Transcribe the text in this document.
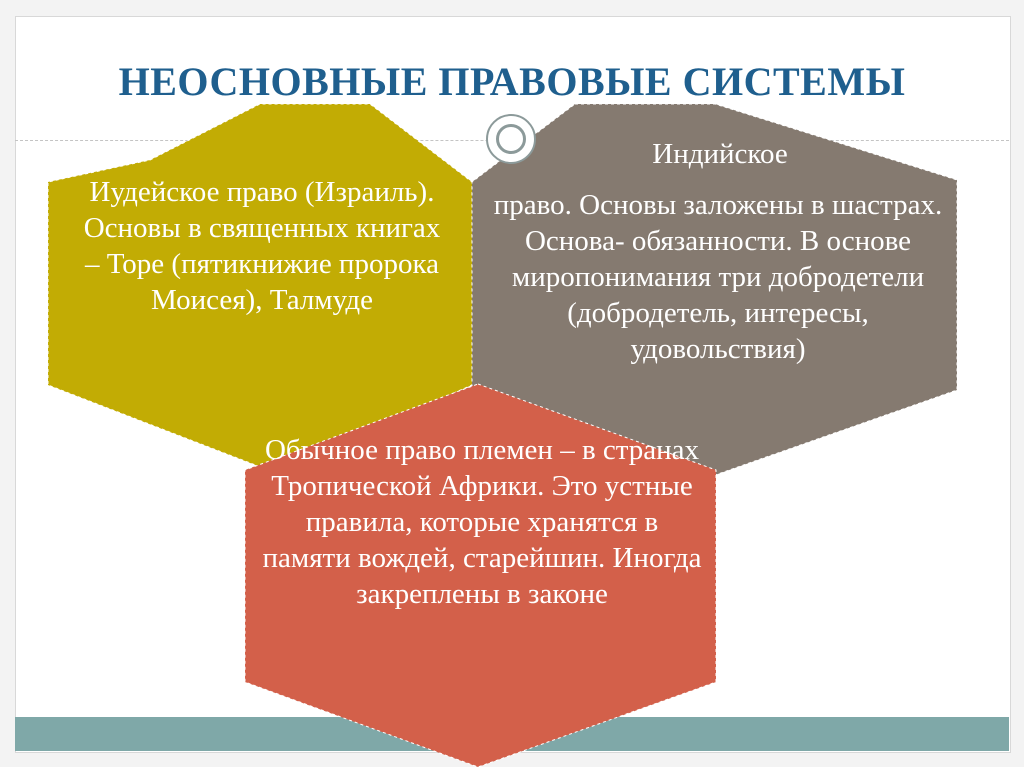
НЕОСНОВНЫЕ ПРАВОВЫЕ СИСТЕМЫ
Иудейское право (Израиль). Основы в священных книгах – Торе (пятикнижие пророка Моисея), Талмуде
Индийское
право. Основы заложены в шастрах. Основа- обязанности. В основе миропонимания три добродетели (добродетель, интересы, удовольствия)
Обычное право племен – в странах Тропической Африки. Это устные правила, которые хранятся в памяти вождей, старейшин. Иногда закреплены в законе
